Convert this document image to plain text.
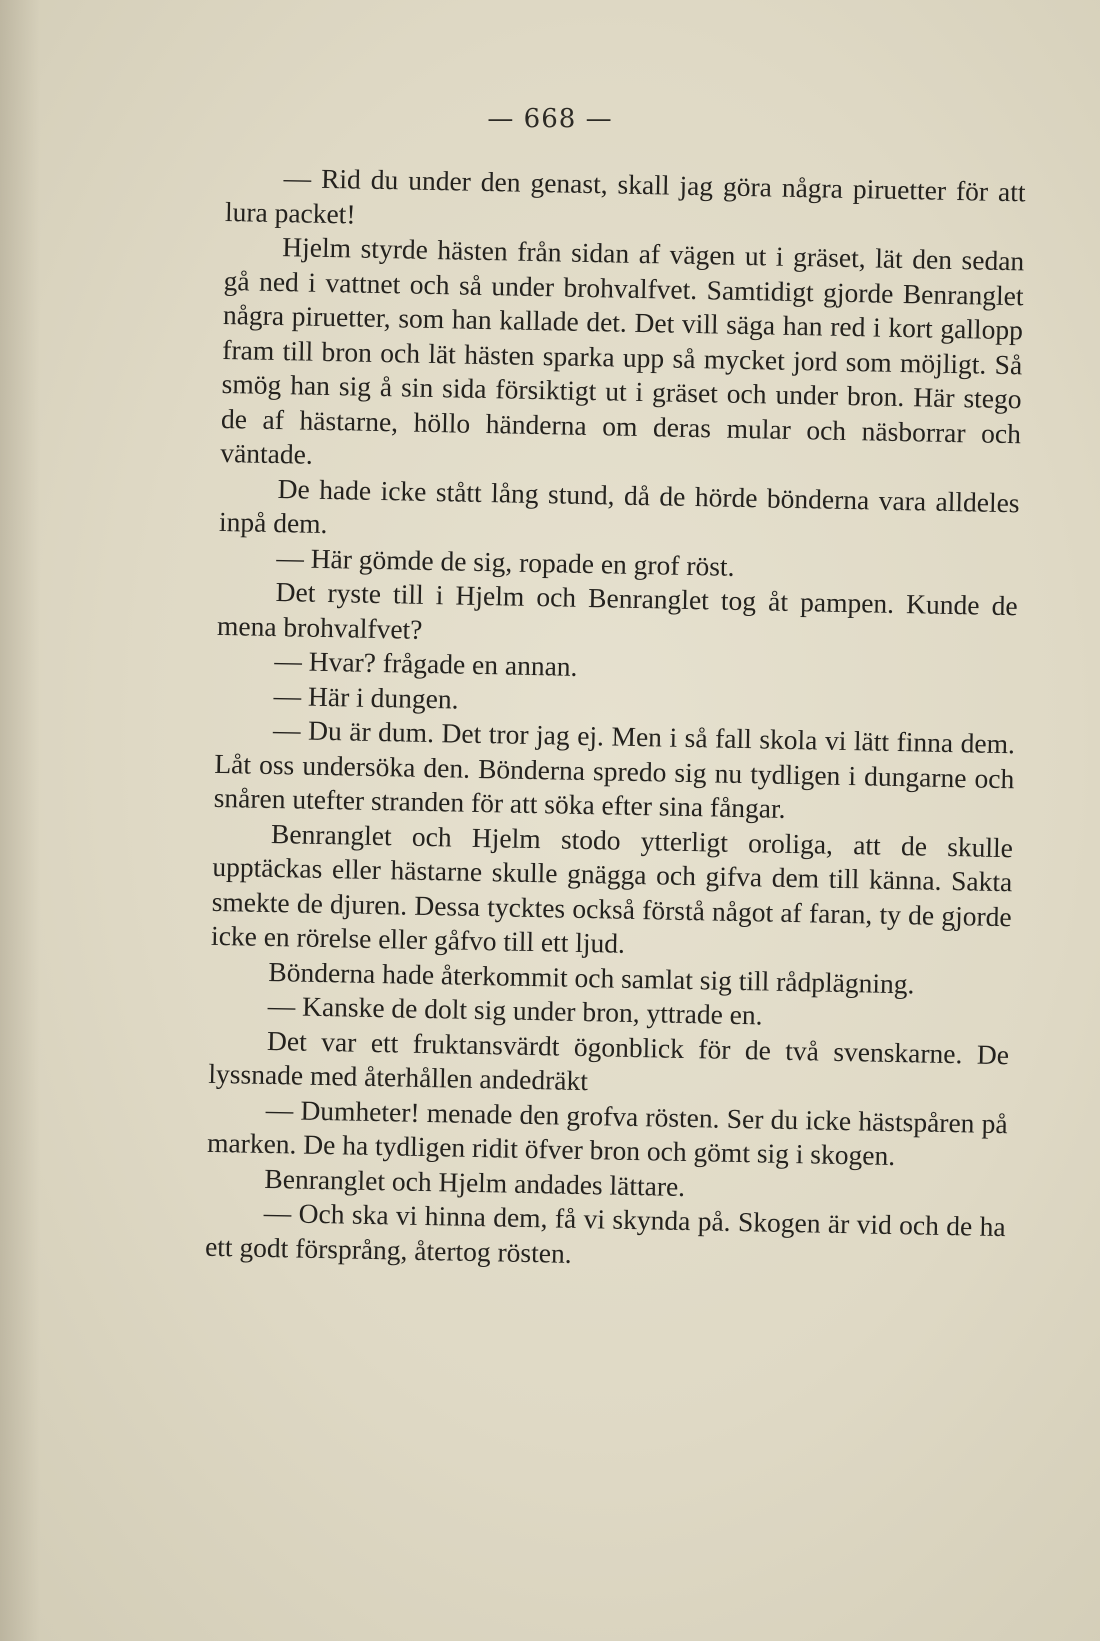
— 668 —

— Rid du under den genast, skall jag göra några piruetter för att lura packet!

Hjelm styrde hästen från sidan af vägen ut i gräset, lät den sedan gå ned i vattnet och så under brohvalfvet. Samtidigt gjorde Benranglet några piruetter, som han kallade det. Det vill säga han red i kort gallopp fram till bron och lät hästen sparka upp så mycket jord som möjligt. Så smög han sig å sin sida försiktigt ut i gräset och under bron. Här stego de af hästarne, höllo händerna om deras mular och näsborrar och väntade.

De hade icke stått lång stund, då de hörde bönderna vara alldeles inpå dem.

— Här gömde de sig, ropade en grof röst.

Det ryste till i Hjelm och Benranglet tog åt pampen. Kunde de mena brohvalfvet?

— Hvar? frågade en annan.

— Här i dungen.

— Du är dum. Det tror jag ej. Men i så fall skola vi lätt finna dem. Låt oss undersöka den. Bönderna spredo sig nu tydligen i dungarne och snåren utefter stranden för att söka efter sina fångar.

Benranglet och Hjelm stodo ytterligt oroliga, att de skulle upptäckas eller hästarne skulle gnägga och gifva dem till känna. Sakta smekte de djuren. Dessa tycktes också förstå något af faran, ty de gjorde icke en rörelse eller gåfvo till ett ljud.

Bönderna hade återkommit och samlat sig till rådplägning.

— Kanske de dolt sig under bron, yttrade en.

Det var ett fruktansvärdt ögonblick för de två svenskarne. De lyssnade med återhållen andedräkt

— Dumheter! menade den grofva rösten. Ser du icke hästspåren på marken. De ha tydligen ridit öfver bron och gömt sig i skogen.

Benranglet och Hjelm andades lättare.

— Och ska vi hinna dem, få vi skynda på. Skogen är vid och de ha ett godt försprång, återtog rösten.
